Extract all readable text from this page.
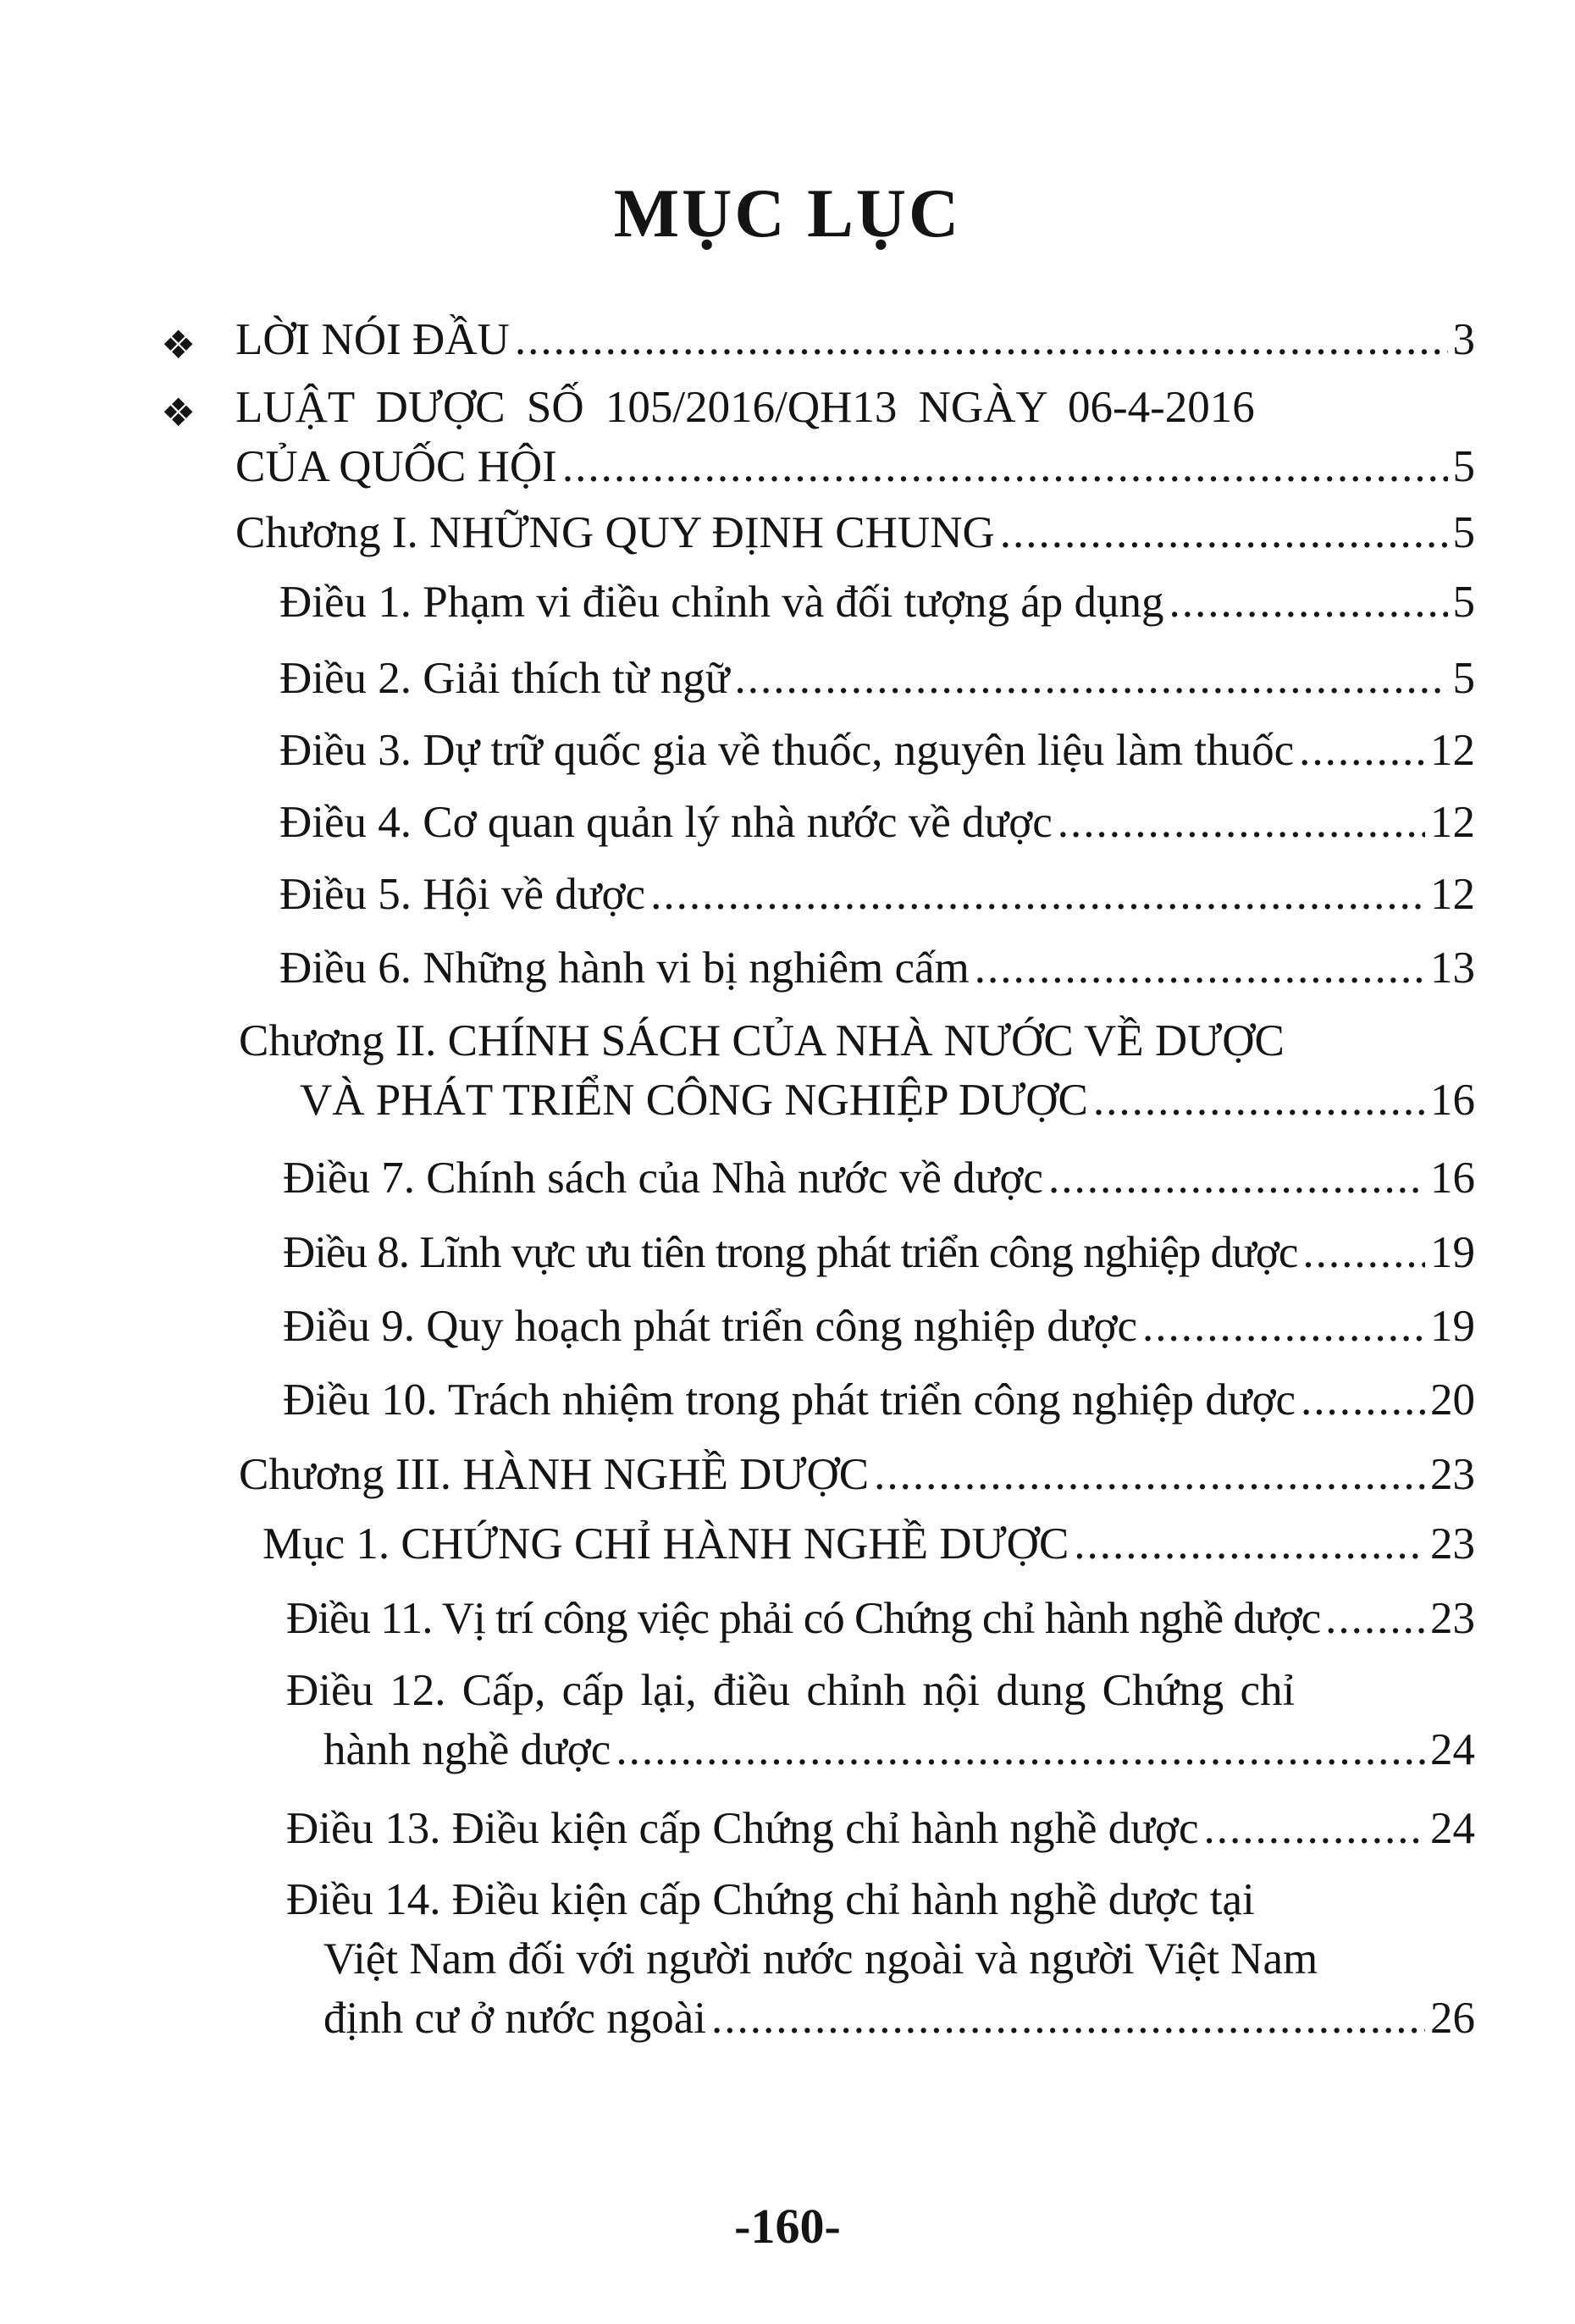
MỤC LỤC
❖ LỜI NÓI ĐẦU .....	3
❖ LUẬT DƯỢC SỐ 105/2016/QH13 NGÀY 06-4-2016
CỦA QUỐC HỘI .....	5
Chương I. NHỮNG QUY ĐỊNH CHUNG .....	5
Điều 1. Phạm vi điều chỉnh và đối tượng áp dụng .....	5
Điều 2. Giải thích từ ngữ .....	5
Điều 3. Dự trữ quốc gia về thuốc, nguyên liệu làm thuốc .....	12
Điều 4. Cơ quan quản lý nhà nước về dược .....	12
Điều 5. Hội về dược .....	12
Điều 6. Những hành vi bị nghiêm cấm .....	13
Chương II. CHÍNH SÁCH CỦA NHÀ NƯỚC VỀ DƯỢC
VÀ PHÁT TRIỂN CÔNG NGHIỆP DƯỢC .....	16
Điều 7. Chính sách của Nhà nước về dược .....	16
Điều 8. Lĩnh vực ưu tiên trong phát triển công nghiệp dược .....	19
Điều 9. Quy hoạch phát triển công nghiệp dược .....	19
Điều 10. Trách nhiệm trong phát triển công nghiệp dược .....	20
Chương III. HÀNH NGHỀ DƯỢC .....	23
Mục 1. CHỨNG CHỈ HÀNH NGHỀ DƯỢC .....	23
Điều 11. Vị trí công việc phải có Chứng chỉ hành nghề dược ..... 23
Điều 12. Cấp, cấp lại, điều chỉnh nội dung Chứng chỉ
hành nghề dược .....	24
Điều 13. Điều kiện cấp Chứng chỉ hành nghề dược .....	24
Điều 14. Điều kiện cấp Chứng chỉ hành nghề dược tại
Việt Nam đối với người nước ngoài và người Việt Nam
định cư ở nước ngoài .....	26
-160-
